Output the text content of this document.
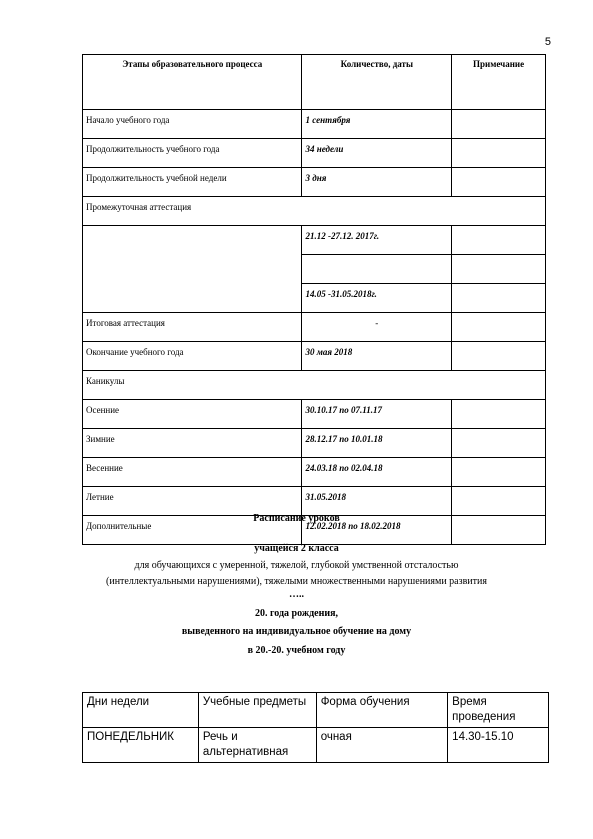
5
Этапы образовательного процесса	Количество, даты	Примечание
Начало учебного года	1 сентября	
Продолжительность учебного года	34 недели	
Продолжительность учебной недели	3 дня	
Промежуточная аттестация		
	21.12 -27.12. 2017г.	

	14.05 -31.05.2018г.	
Итоговая аттестация	-	
Окончание учебного года	30 мая 2018	
Каникулы		
Осенние	30.10.17 по 07.11.17	
Зимние	28.12.17 по 10.01.18	
Весенние	24.03.18 по 02.04.18	
Летние	31.05.2018	
Дополнительные	12.02.2018 по 18.02.2018	
Расписание уроков
учащейся 2 класса
для обучающихся с умеренной, тяжелой, глубокой умственной отсталостью
(интеллектуальными нарушениями), тяжелыми множественными нарушениями развития
…..
20. года рождения,
выведенного на индивидуальное обучение на дому
в 20.-20. учебном году
Дни недели	Учебные предметы	Форма обучения	Время проведения
ПОНЕДЕЛЬНИК	Речь и альтернативная	очная	14.30-15.10
